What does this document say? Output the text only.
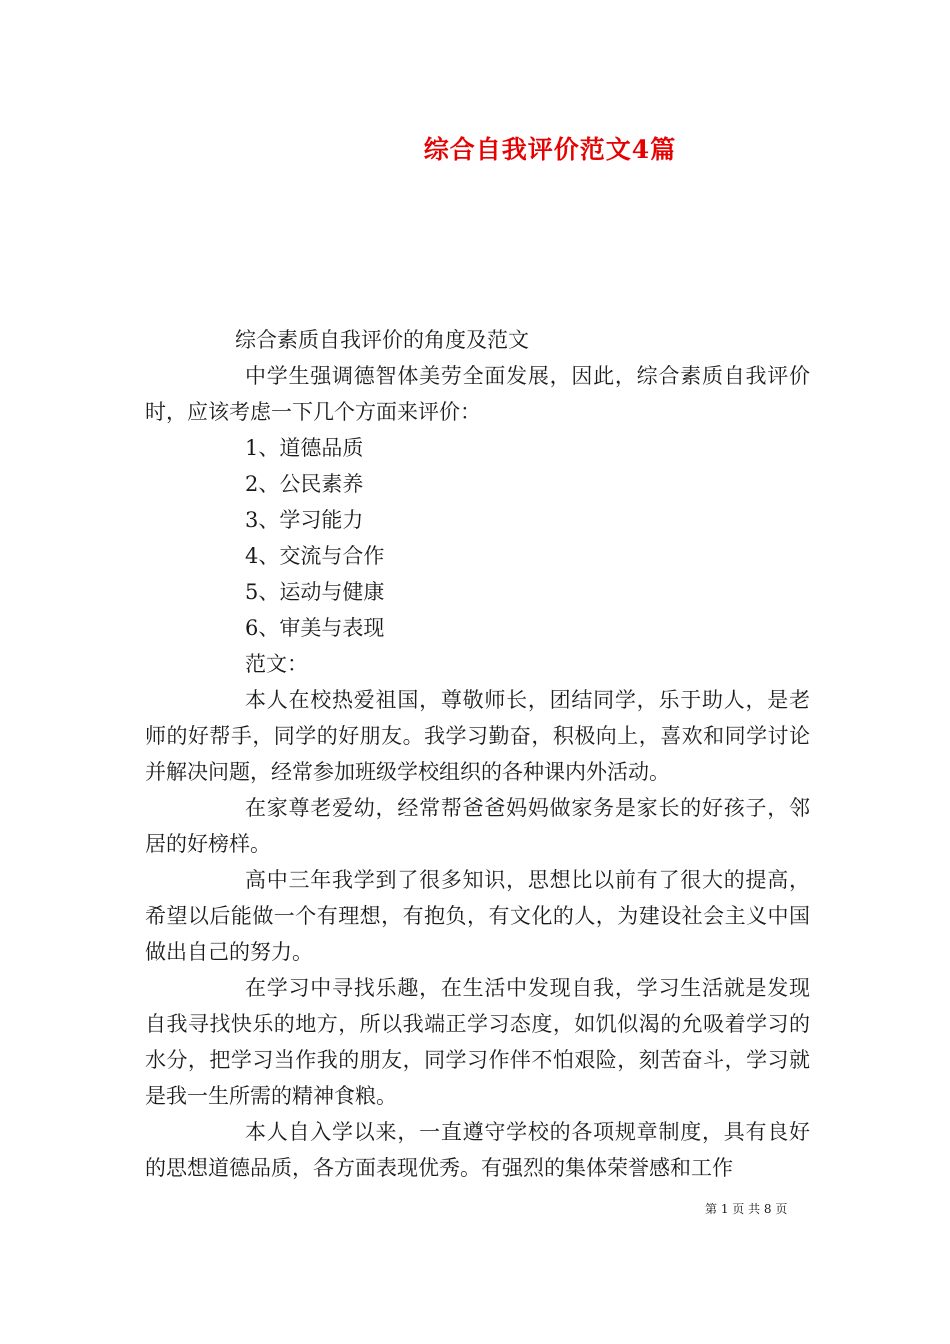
综合自我评价范文4篇

综合素质自我评价的角度及范文

中学生强调德智体美劳全面发展，因此，综合素质自我评价时，应该考虑一下几个方面来评价：

1、道德品质

2、公民素养

3、学习能力

4、交流与合作

5、运动与健康

6、审美与表现

范文：

本人在校热爱祖国，尊敬师长，团结同学，乐于助人，是老师的好帮手，同学的好朋友。我学习勤奋，积极向上，喜欢和同学讨论并解决问题，经常参加班级学校组织的各种课内外活动。

在家尊老爱幼，经常帮爸爸妈妈做家务是家长的好孩子，邻居的好榜样。

高中三年我学到了很多知识，思想比以前有了很大的提高，希望以后能做一个有理想，有抱负，有文化的人，为建设社会主义中国做出自己的努力。

在学习中寻找乐趣，在生活中发现自我，学习生活就是发现自我寻找快乐的地方，所以我端正学习态度，如饥似渴的允吸着学习的水分，把学习当作我的朋友，同学习作伴不怕艰险，刻苦奋斗，学习就是我一生所需的精神食粮。

本人自入学以来，一直遵守学校的各项规章制度，具有良好的思想道德品质，各方面表现优秀。有强烈的集体荣誉感和工作

第 1 页 共 8 页
